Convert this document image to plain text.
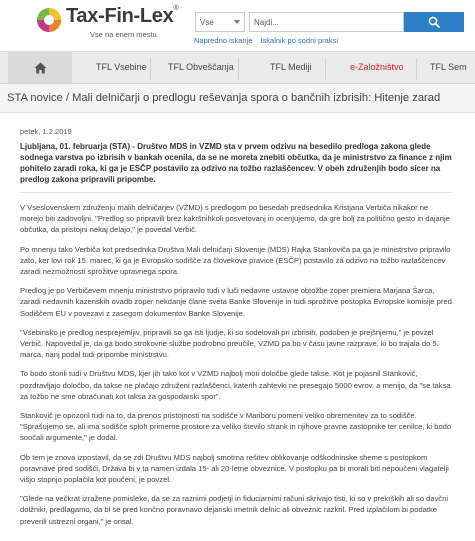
Tax-Fin-Lex®
Vse na enem mestu.
Vse
Najdi...
Napredno iskanje Iskalnik po sodni praksi
TFL Vsebine TFL Obveščanja	TFL Mediji	e-Založništvo	TFL Sem
STA novice / Mali delničarji o predlogu reševanja spora o bančnih izbrisih: Hitenje zarad
petek, 1.2.2019
Ljubljana, 01. februarja (STA) - Društvo MDS in VZMD sta v prvem odzivu na besedilo predloga zakona glede sodnega varstva po izbrisih v bankah ocenila, da se ne moreta znebiti občutka, da je ministrstvo za finance z njim pohitelo zaradi roka, ki ga je ESČP postavilo za odzivo na tožbo razlaščencev. V obeh združenjih bodo sicer na predlog zakona pripravili pripombe.

V Vseslovenskem združenju malih delničarjev (VZMD) s predlogom po besedah predsednika Kristjana Verbiča nikakor ne morejo biti zadovoljni. "Predlog so pripravili brez kakršnihkoli posvetovanj in ocenjujemo, da gre bolj za politično gesto in dajanje občutka, da pristojni nekaj delajo," je povedal Verbič.

Po mnenju tako Verbiča kot predsednika Društva Mali delničarji Slovenije (MDS) Rajka Stankoviča pa ga je ministrstvo pripravilo zato, ker lovi rok 15. marec, ki ga je Evropsko sodišče za človekove pravice (ESČP) postavilo za odzivo na tožbo razlaščencev zaradi nezmožnosti sprožitve upravnega spora.

Predlog je po Verbičevem mnenju ministrstvo pripravilo tudi v luči nedavne ustavne obtožbe zoper premiera Marjana Šarca, zaradi nedavnih kazenskih ovadb zoper nekdanje člane sveta Banke Slovenije in tudi sprožitve postopka Evropske komisije pred Sodiščem EU v povezavi z zasegom dokumentov Banke Slovenije.

"Vsebinsko je predlog nesprejemljiv, pripravili so ga isti ljudje, ki so sodelovali pri izbrisih, podoben je prejšnjemu," je povzel Verbič. Napovedal je, da ga bodo strokovne službe podrobno preučile, VZMD pa bo v času javne razprave, ki bo trajala do 5. marca, nanj podal tudi pripombe ministrstvu.

To bodo storili tudi v Društvu MDS, kjer jih tako kot v VZMD najbolj moti določbe glede takse. Kot je pojasnil Stankovič, pozdravljajo določbo, da takse ne plačajo združeni razlaščenci, katerih zahtevki ne presegajo 5000 evrov, a menijo, da "se taksa za tožbo ne sme obračunati kot taksa za gospodarski spor".

Stankovič je opozoril tudi na to, da prenos pristojnosti na sodišče v Mariboru pomeni veliko obremenitev za to sodišče. "Sprašujemo se, ali ima sodišče sploh primerne prostore za veliko število strank in njihove pravne zastopnike ter cenilce, ki bodo soočali argumente," je dodal.

Ob tem je znova izpostavil, da se zdi Društvu MDS najbolj smotrna rešitev oblikovanje odškodninske sheme s postopkom poravnave pred sodišči. Država bi v ta namen izdala 15- ali 20-letne obveznice. V postopku pa bi morali biti nepoučeni vlagatelji višjo stopnjo poplačila kot poučeni, je povzel.

"Glede na večkrat izražene pomisleke, da se za raznimi podjetji in fiduciarnimi računi skrivajo tisti, ki so v prekrških ali so davčni dolžniki, predlagamo, da bi se pred končno poravnavo dejanski imetnik delnic ali obveznic razkril. Pred izplačilom bi podatke preverili ustrezni organi," je orisal.
